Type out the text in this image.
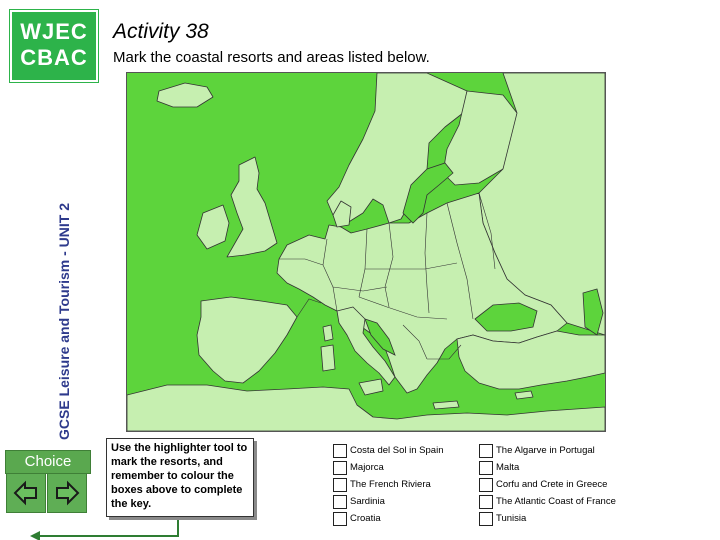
WJEC
CBAC
GCSE Leisure and Tourism - UNIT 2
Choice
Activity 38
Mark the coastal resorts and areas listed below.
Use the highlighter tool to mark the resorts, and remember to colour the boxes above to complete the key.
Costa del Sol in Spain
Majorca
The French Riviera
Sardinia
Croatia
The Algarve in Portugal
Malta
Corfu and Crete in Greece
The Atlantic Coast of France
Tunisia
